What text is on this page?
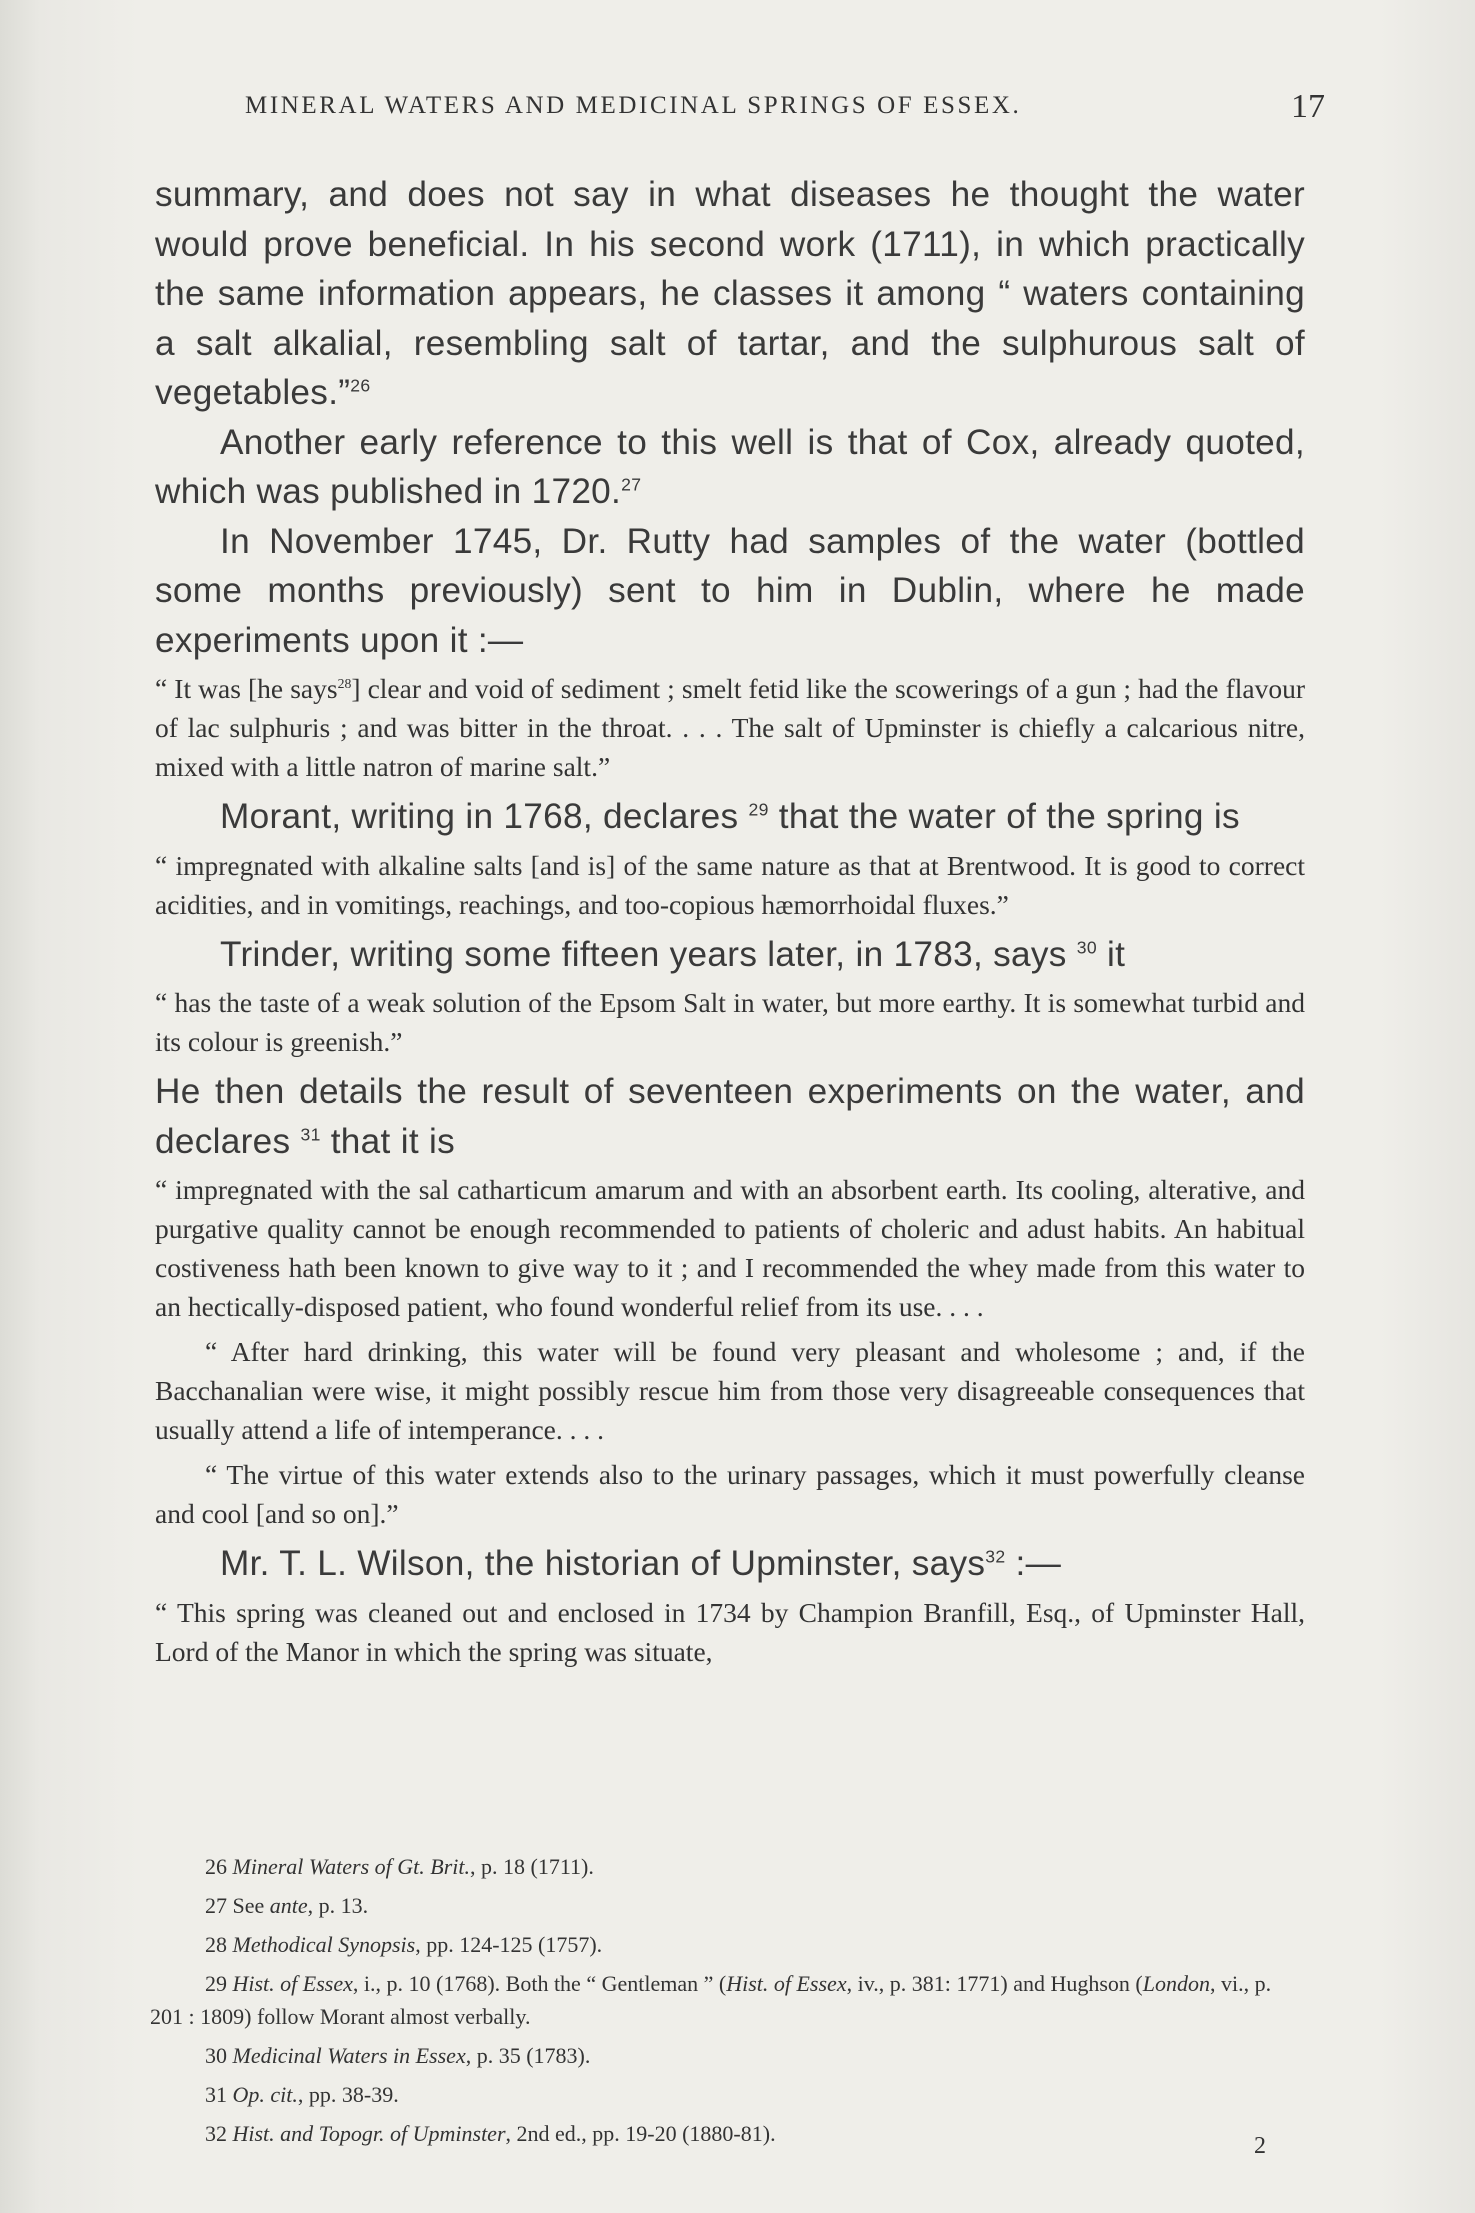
MINERAL WATERS AND MEDICINAL SPRINGS OF ESSEX.	17

summary, and does not say in what diseases he thought the water would prove beneficial. In his second work (1711), in which practically the same information appears, he classes it among “ waters containing a salt alkalial, resembling salt of tartar, and the sulphurous salt of vegetables.”$^{26}$

Another early reference to this well is that of Cox, already quoted, which was published in 1720.27

In November 1745, Dr. Rutty had samples of the water (bottled some months previously) sent to him in Dublin, where he made experiments upon it :—

“ It was [he says$^{28}$] clear and void of sediment ; smelt fetid like the scowerings of a gun ; had the flavour of lac sulphuris ; and was bitter in the throat. . . . The salt of Upminster is chiefly a calcarious nitre, mixed with a little natron of marine salt.”

Morant, writing in 1768, declares $^{29}$ that the water of the spring is

“ impregnated with alkaline salts [and is] of the same nature as that at Brentwood. It is good to correct acidities, and in vomitings, reachings, and too-copious hæmorrhoidal fluxes.”

Trinder, writing some fifteen years later, in 1783, says $^{30}$ it

“ has the taste of a weak solution of the Epsom Salt in water, but more earthy. It is somewhat turbid and its colour is greenish.”

He then details the result of seventeen experiments on the water, and declares $^{31}$ that it is

“ impregnated with the sal catharticum amarum and with an absorbent earth. Its cooling, alterative, and purgative quality cannot be enough recommended to patients of choleric and adust habits. An habitual costiveness hath been known to give way to it ; and I recommended the whey made from this water to an hectically-disposed patient, who found wonderful relief from its use. . . .

“ After hard drinking, this water will be found very pleasant and wholesome ; and, if the Bacchanalian were wise, it might possibly rescue him from those very disagreeable consequences that usually attend a life of intemperance. . . .

“ The virtue of this water extends also to the urinary passages, which it must powerfully cleanse and cool [and so on].”

Mr. T. L. Wilson, the historian of Upminster, says$^{32}$ :—

“ This spring was cleaned out and enclosed in 1734 by Champion Branfill, Esq., of Upminster Hall, Lord of the Manor in which the spring was situate,

26 Mineral Waters of Gt. Brit., p. 18 (1711).

27 See ante, p. 13.

28 Methodical Synopsis, pp. 124-125 (1757).

29 Hist. of Essex, i., p. 10 (1768). Both the “ Gentleman ” (Hist. of Essex, iv., p. 381: 1771) and Hughson (London, vi., p. 201 : 1809) follow Morant almost verbally.

30 Medicinal Waters in Essex, p. 35 (1783).

31 Op. cit., pp. 38-39.

32 Hist. and Topogr. of Upminster, 2nd ed., pp. 19-20 (1880-81).	2
